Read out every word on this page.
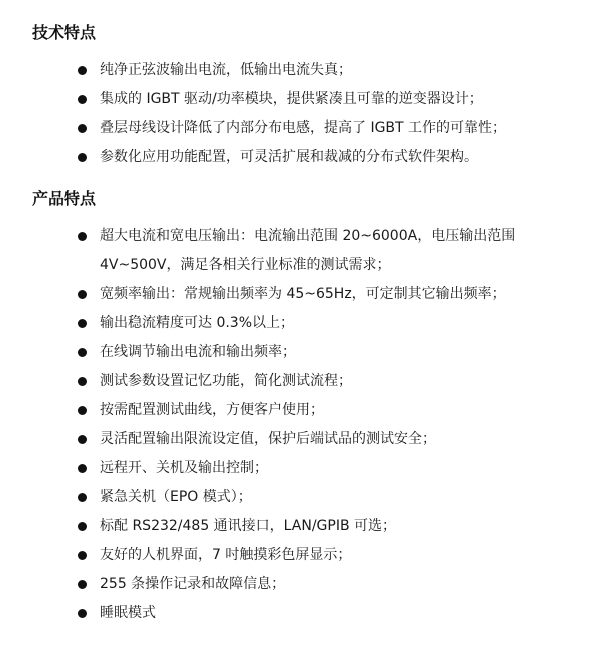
技术特点
纯净正弦波输出电流，低输出电流失真；
集成的 IGBT 驱动/功率模块，提供紧凑且可靠的逆变器设计；
叠层母线设计降低了内部分布电感，提高了 IGBT 工作的可靠性；
参数化应用功能配置，可灵活扩展和裁减的分布式软件架构。
产品特点
超大电流和宽电压输出：电流输出范围 20~6000A，电压输出范围 4V~500V，满足各相关行业标准的测试需求；
宽频率输出：常规输出频率为 45~65Hz，可定制其它输出频率；
输出稳流精度可达 0.3%以上；
在线调节输出电流和输出频率；
测试参数设置记忆功能，简化测试流程；
按需配置测试曲线，方便客户使用；
灵活配置输出限流设定值，保护后端试品的测试安全；
远程开、关机及输出控制；
紧急关机（EPO 模式）；
标配 RS232/485 通讯接口，LAN/GPIB 可选；
友好的人机界面，7 吋触摸彩色屏显示；
255 条操作记录和故障信息；
睡眠模式
